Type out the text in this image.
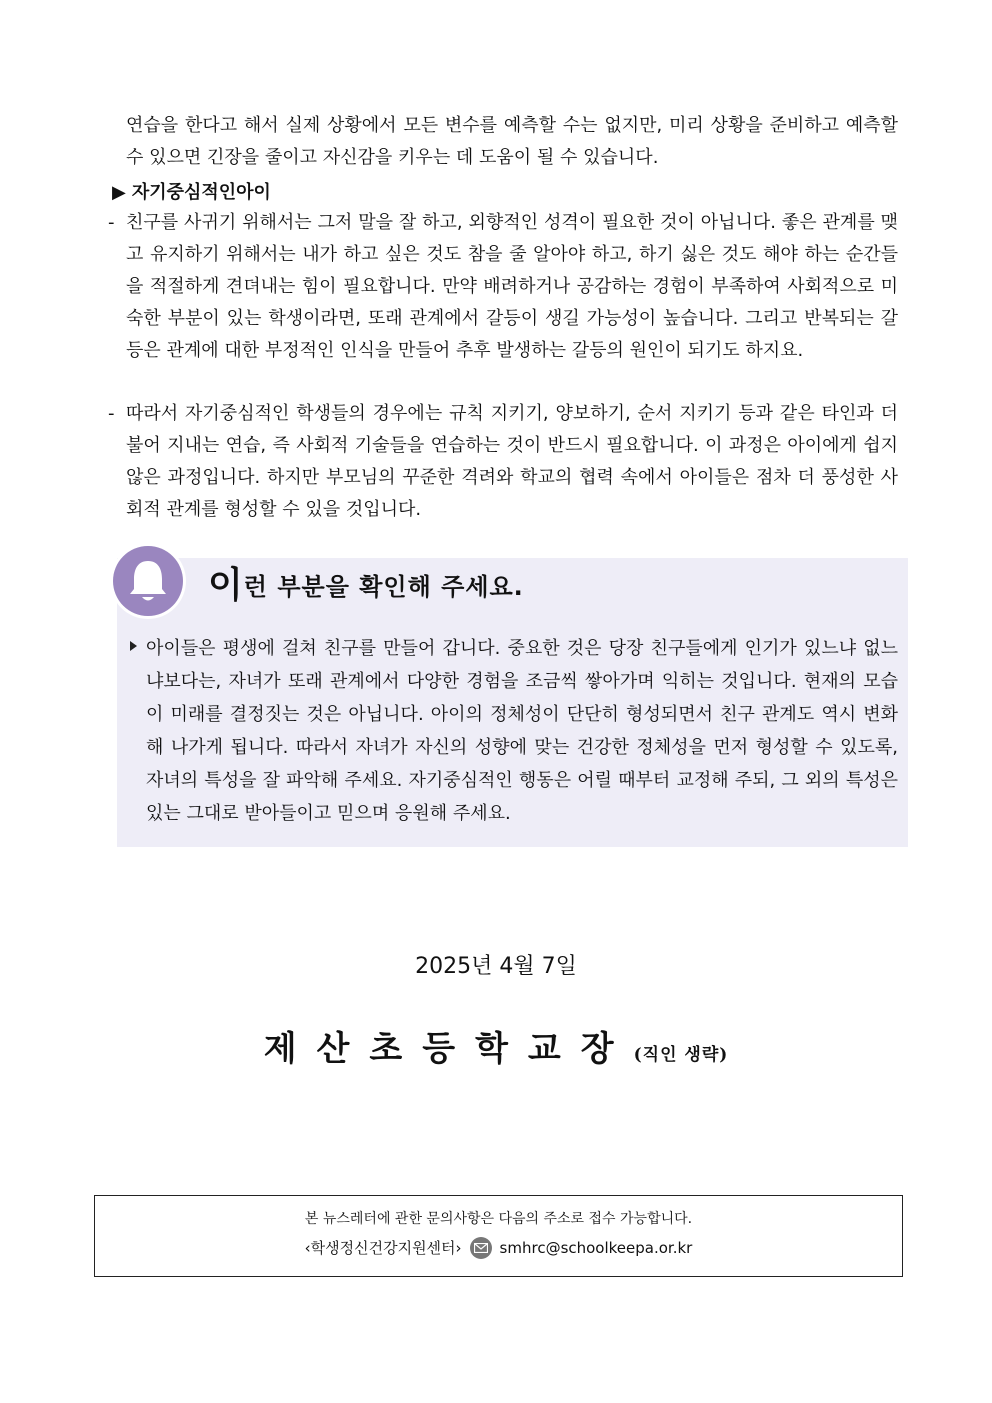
연습을 한다고 해서 실제 상황에서 모든 변수를 예측할 수는 없지만, 미리 상황을 준비하고 예측할 수 있으면 긴장을 줄이고 자신감을 키우는 데 도움이 될 수 있습니다.

▶ 자기중심적인아이
- 친구를 사귀기 위해서는 그저 말을 잘 하고, 외향적인 성격이 필요한 것이 아닙니다. 좋은 관계를 맺고 유지하기 위해서는 내가 하고 싶은 것도 참을 줄 알아야 하고, 하기 싫은 것도 해야 하는 순간들을 적절하게 견뎌내는 힘이 필요합니다. 만약 배려하거나 공감하는 경험이 부족하여 사회적으로 미숙한 부분이 있는 학생이라면, 또래 관계에서 갈등이 생길 가능성이 높습니다. 그리고 반복되는 갈등은 관계에 대한 부정적인 인식을 만들어 추후 발생하는 갈등의 원인이 되기도 하지요.
- 따라서 자기중심적인 학생들의 경우에는 규칙 지키기, 양보하기, 순서 지키기 등과 같은 타인과 더불어 지내는 연습, 즉 사회적 기술들을 연습하는 것이 반드시 필요합니다. 이 과정은 아이에게 쉽지 않은 과정입니다. 하지만 부모님의 꾸준한 격려와 학교의 협력 속에서 아이들은 점차 더 풍성한 사회적 관계를 형성할 수 있을 것입니다.
이런 부분을 확인해 주세요.

아이들은 평생에 걸쳐 친구를 만들어 갑니다. 중요한 것은 당장 친구들에게 인기가 있느냐 없느냐보다는, 자녀가 또래 관계에서 다양한 경험을 조금씩 쌓아가며 익히는 것입니다. 현재의 모습이 미래를 결정짓는 것은 아닙니다. 아이의 정체성이 단단히 형성되면서 친구 관계도 역시 변화해 나가게 됩니다. 따라서 자녀가 자신의 성향에 맞는 건강한 정체성을 먼저 형성할 수 있도록, 자녀의 특성을 잘 파악해 주세요. 자기중심적인 행동은 어릴 때부터 교정해 주되, 그 외의 특성은 있는 그대로 받아들이고 믿으며 응원해 주세요.

2025년 4월 7일
제산초등학교장(직인 생략)
본 뉴스레터에 관한 문의사항은 다음의 주소로 접수 가능합니다.
‹학생정신건강지원센터›	smhrc@schoolkeepa.or.kr
